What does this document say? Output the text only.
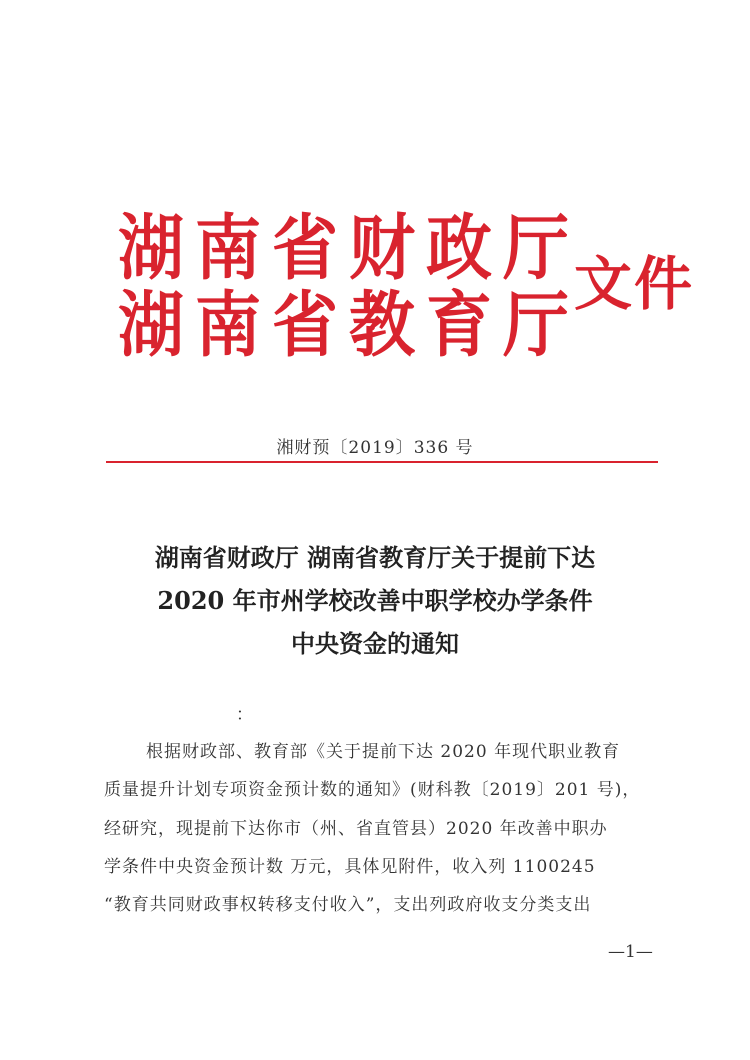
湖南省财政厅
湖南省教育厅
文件
湘财预〔2019〕336 号
湖南省财政厅 湖南省教育厅关于提前下达
2020 年市州学校改善中职学校办学条件
中央资金的通知
：
根据财政部、教育部《关于提前下达 2020 年现代职业教育
质量提升计划专项资金预计数的通知》(财科教〔2019〕201 号)，
经研究，现提前下达你市（州、省直管县）2020 年改善中职办
学条件中央资金预计数 万元，具体见附件，收入列 1100245
“教育共同财政事权转移支付收入”，支出列政府收支分类支出
—1—
